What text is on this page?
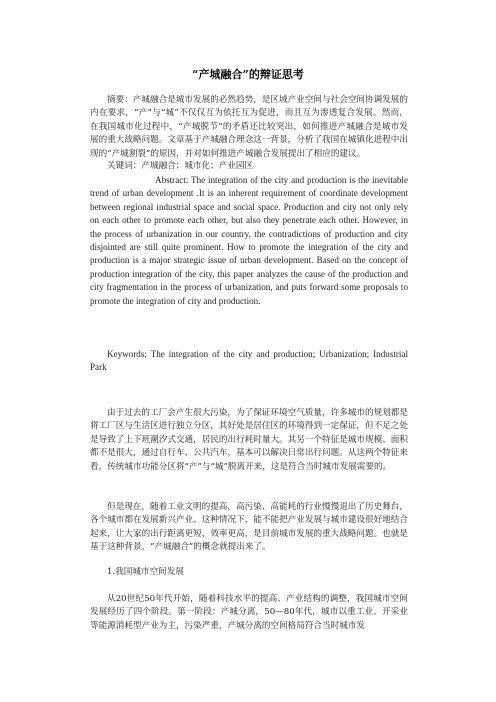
“产城融合”的辩证思考

摘要：产城融合是城市发展的必然趋势，是区域产业空间与社会空间协调发展的内在要求，“产”与“城”不仅仅互为依托互为促进，而且互为渗透复合发展。然而，在我国城市化过程中，“产城脱节”的矛盾还比较突出，如何推进产城融合是城市发展的重大战略问题。文章基于产城融合理念这一背景，分析了我国在城镇化进程中出现的“产城割裂”的原因，并对如何推进产城融合发展提出了相应的建议。

关键词：产城融合；城市化；产业园区

Abstract: The integration of the city and production is the inevitable trend of urban development .It is an inherent requirement of coordinate development between regional industrial space and social space. Production and city not only rely on each other to promote each other, but also they penetrate each other. However, in the process of urbanization in our country, the contradictions of production and city disjointed are still quite prominent. How to promote the integration of the city and production is a major strategic issue of urban development. Based on the concept of production integration of the city, this paper analyzes the cause of the production and city fragmentation in the process of urbanization, and puts forward some proposals to promote the integration of city and production.

Keywords: The integration of the city and production; Urbanization; Industrial Park

由于过去的工厂会产生很大污染，为了保证环境空气质量，许多城市的规划都是将工厂区与生活区进行独立分区，其好处是居住区的环境得到一定保证，但不足之处是导致了上下班潮汐式交通，居民的出行耗时量大。其另一个特征是城市规模、面积都不是很大，通过自行车、公共汽车，基本可以解决日常出行问题。从这两个特征来看，传统城市功能分区将“产”与“城”脱离开来，这是符合当时城市发展需要的。

但是现在，随着工业文明的提高，高污染、高能耗的行业慢慢退出了历史舞台，各个城市都在发展新兴产业。这种情况下，能不能把产业发展与城市建设很好地结合起来，让大家的出行距离更短，效率更高，是目前城市发展的重大战略问题。也就是基于这种背景，“产城融合”的概念就提出来了。

1.我国城市空间发展

从20世纪50年代开始，随着科技水平的提高、产业结构的调整，我国城市空间发展经历了四个阶段。第一阶段：产城分离，50—80年代，城市以重工业、开采业等能源消耗型产业为主，污染严重，产城分离的空间格局符合当时城市发
